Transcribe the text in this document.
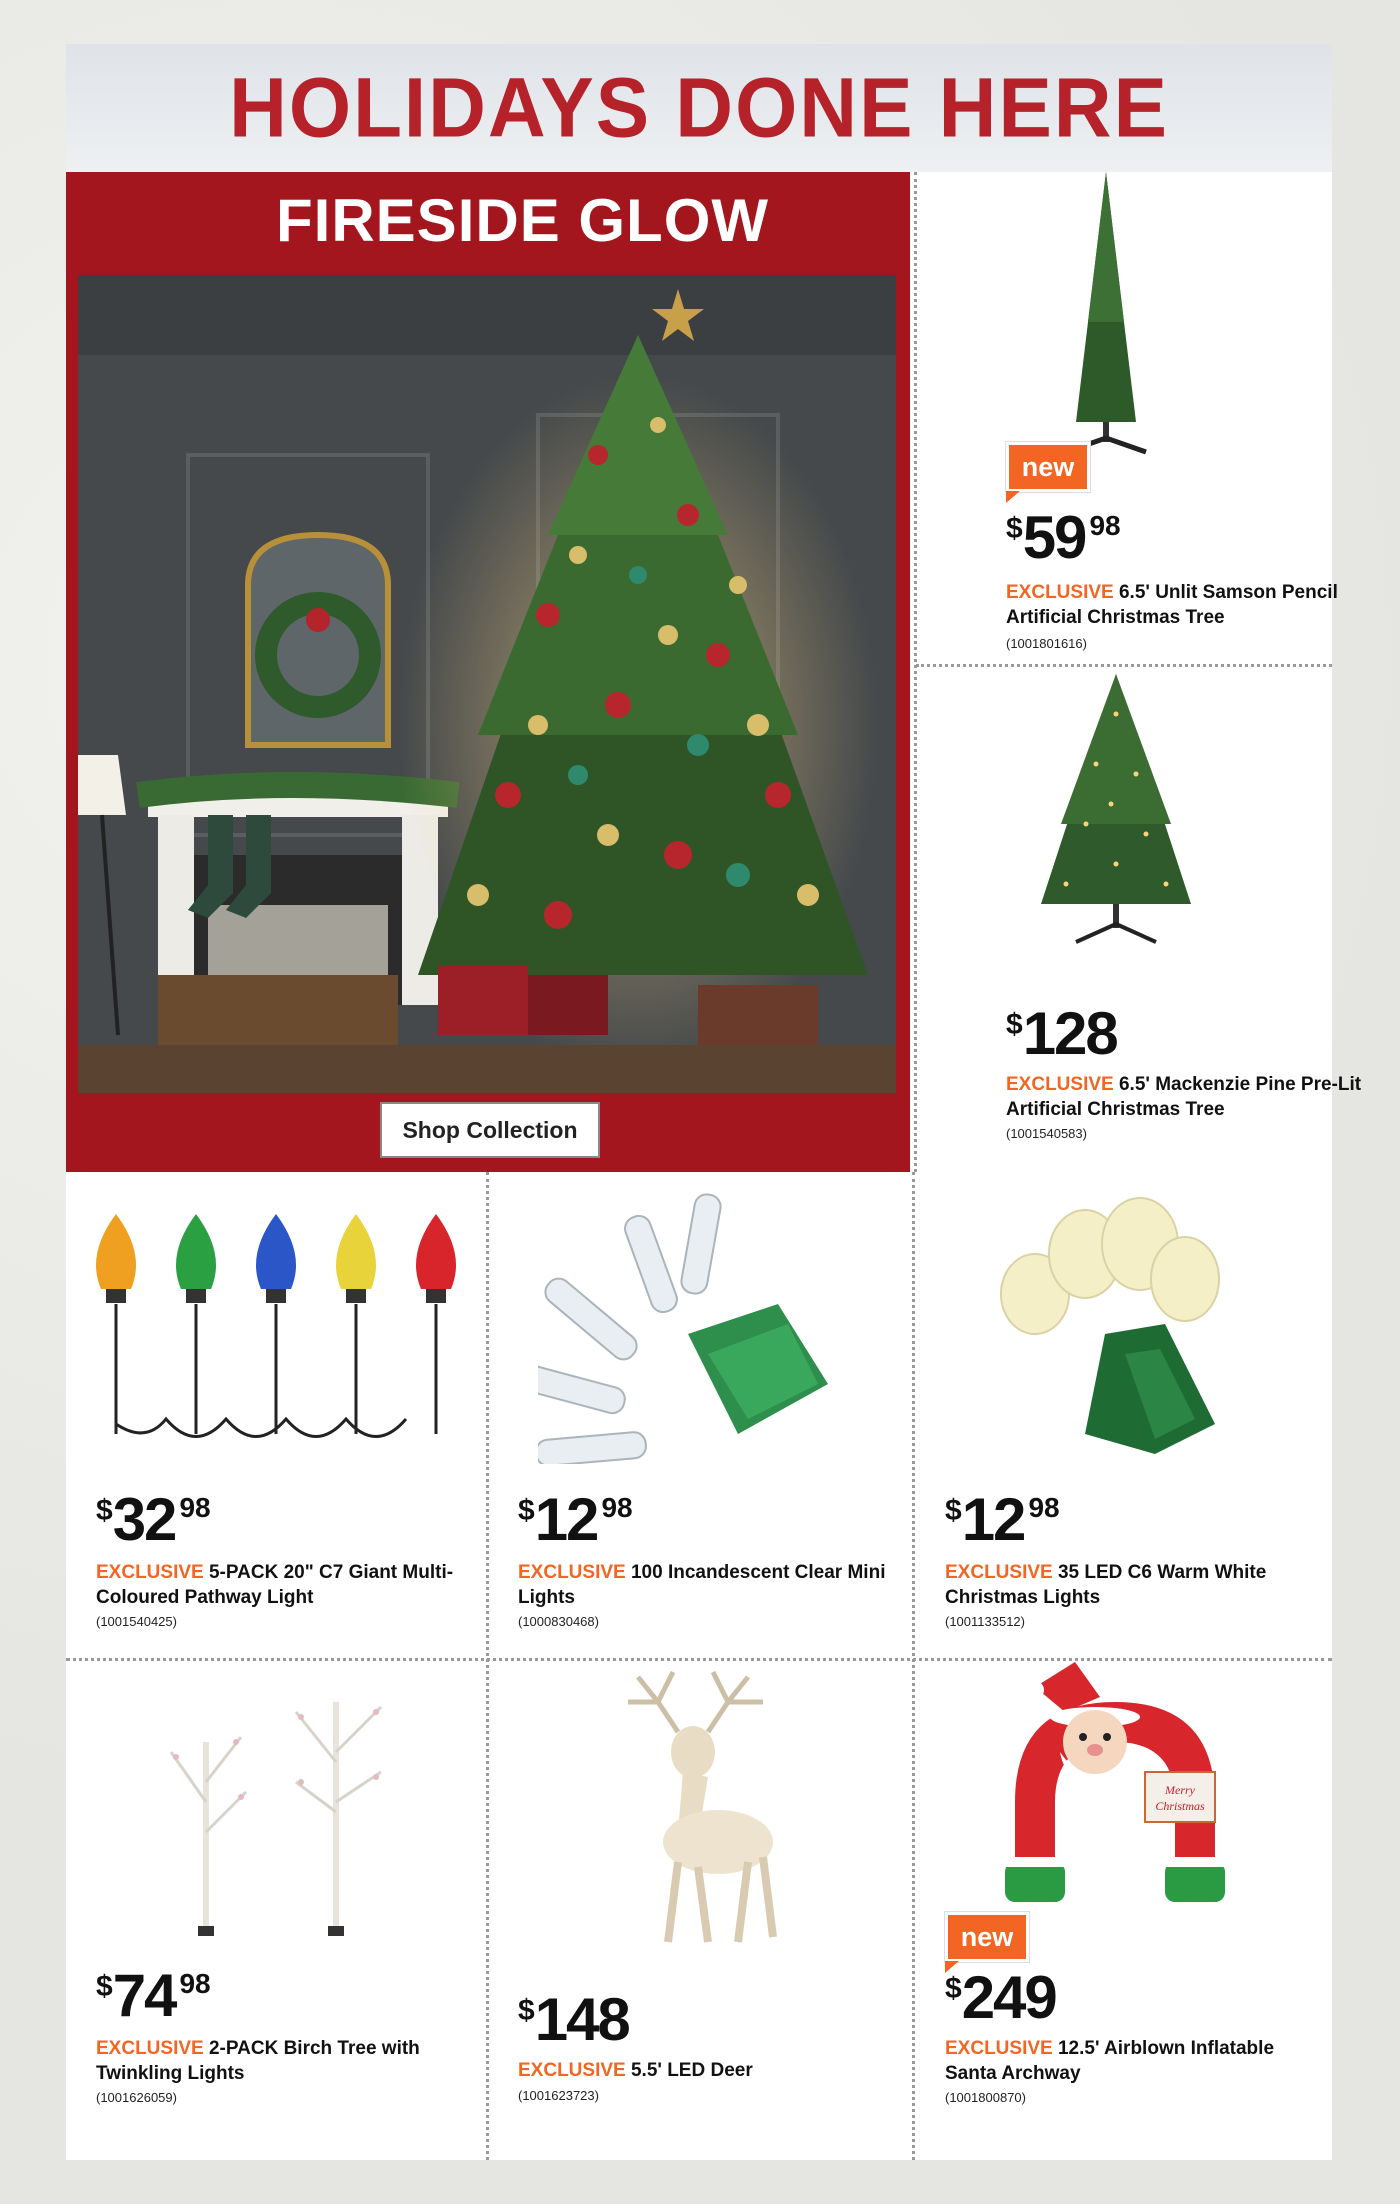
HOLIDAYS DONE HERE
FIRESIDE GLOW
Shop Collection
new
$59 98
EXCLUSIVE 6.5' Unlit Samson Pencil Artificial Christmas Tree
(1001801616)
$128
EXCLUSIVE 6.5' Mackenzie Pine Pre-Lit Artificial Christmas Tree
(1001540583)
$32 98
EXCLUSIVE 5-PACK 20" C7 Giant Multi-Coloured Pathway Light
(1001540425)
$12 98
EXCLUSIVE 100 Incandescent Clear Mini Lights
(1000830468)
$12 98
EXCLUSIVE 35 LED C6 Warm White Christmas Lights
(1001133512)
$74 98
EXCLUSIVE 2-PACK Birch Tree with Twinkling Lights
(1001626059)
$148
EXCLUSIVE 5.5' LED Deer
(1001623723)
Merry
Christmas
new
$249
EXCLUSIVE 12.5' Airblown Inflatable Santa Archway
(1001800870)
